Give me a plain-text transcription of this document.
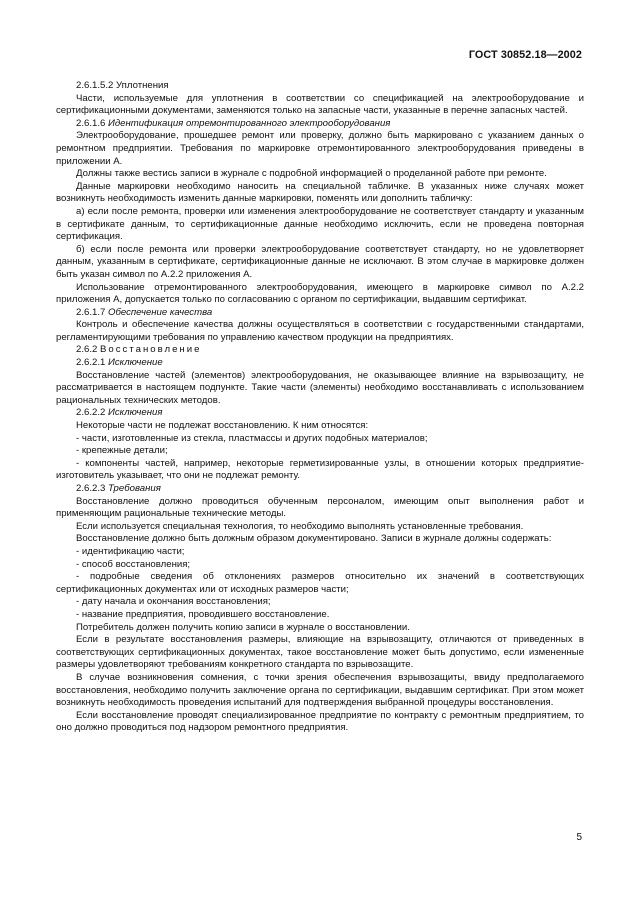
ГОСТ 30852.18—2002

2.6.1.5.2 Уплотнения

Части, используемые для уплотнения в соответствии со спецификацией на электрооборудование и сертификационными документами, заменяются только на запасные части, указанные в перечне запасных частей.

2.6.1.6 Идентификация отремонтированного электрооборудования

Электрооборудование, прошедшее ремонт или проверку, должно быть маркировано с указанием данных о ремонтном предприятии. Требования по маркировке отремонтированного электрооборудования приведены в приложении А.

Должны также вестись записи в журнале с подробной информацией о проделанной работе при ремонте.

Данные маркировки необходимо наносить на специальной табличке. В указанных ниже случаях может возникнуть необходимость изменить данные маркировки, поменять или дополнить табличку:

а) если после ремонта, проверки или изменения электрооборудование не соответствует стандарту и указанным в сертификате данным, то сертификационные данные необходимо исключить, если не проведена повторная сертификация.

б) если после ремонта или проверки электрооборудование соответствует стандарту, но не удовлетворяет данным, указанным в сертификате, сертификационные данные не исключают. В этом случае в маркировке должен быть указан символ по А.2.2 приложения А.

Использование отремонтированного электрооборудования, имеющего в маркировке символ по А.2.2 приложения А, допускается только по согласованию с органом по сертификации, выдавшим сертификат.

2.6.1.7 Обеспечение качества

Контроль и обеспечение качества должны осуществляться в соответствии с государственными стандартами, регламентирующими требования по управлению качеством продукции на предприятиях.

2.6.2 Восстановление

2.6.2.1 Исключение

Восстановление частей (элементов) электрооборудования, не оказывающее влияние на взрывозащиту, не рассматривается в настоящем подпункте. Такие части (элементы) необходимо восстанавливать с использованием рациональных технических методов.

2.6.2.2 Исключения

Некоторые части не подлежат восстановлению. К ним относятся:

- части, изготовленные из стекла, пластмассы и других подобных материалов;

- крепежные детали;

- компоненты частей, например, некоторые герметизированные узлы, в отношении которых предприятие-изготовитель указывает, что они не подлежат ремонту.

2.6.2.3 Требования

Восстановление должно проводиться обученным персоналом, имеющим опыт выполнения работ и применяющим рациональные технические методы.

Если используется специальная технология, то необходимо выполнять установленные требования.

Восстановление должно быть должным образом документировано. Записи в журнале должны содержать:

- идентификацию части;

- способ восстановления;

- подробные сведения об отклонениях размеров относительно их значений в соответствующих сертификационных документах или от исходных размеров части;

- дату начала и окончания восстановления;

- название предприятия, проводившего восстановление.

Потребитель должен получить копию записи в журнале о восстановлении.

Если в результате восстановления размеры, влияющие на взрывозащиту, отличаются от приведенных в соответствующих сертификационных документах, такое восстановление может быть допустимо, если измененные размеры удовлетворяют требованиям конкретного стандарта по взрывозащите.

В случае возникновения сомнения, с точки зрения обеспечения взрывозащиты, ввиду предполагаемого восстановления, необходимо получить заключение органа по сертификации, выдавшим сертификат. При этом может возникнуть необходимость проведения испытаний для подтверждения выбранной процедуры восстановления.

Если восстановление проводят специализированное предприятие по контракту с ремонтным предприятием, то оно должно проводиться под надзором ремонтного предприятия.

5
